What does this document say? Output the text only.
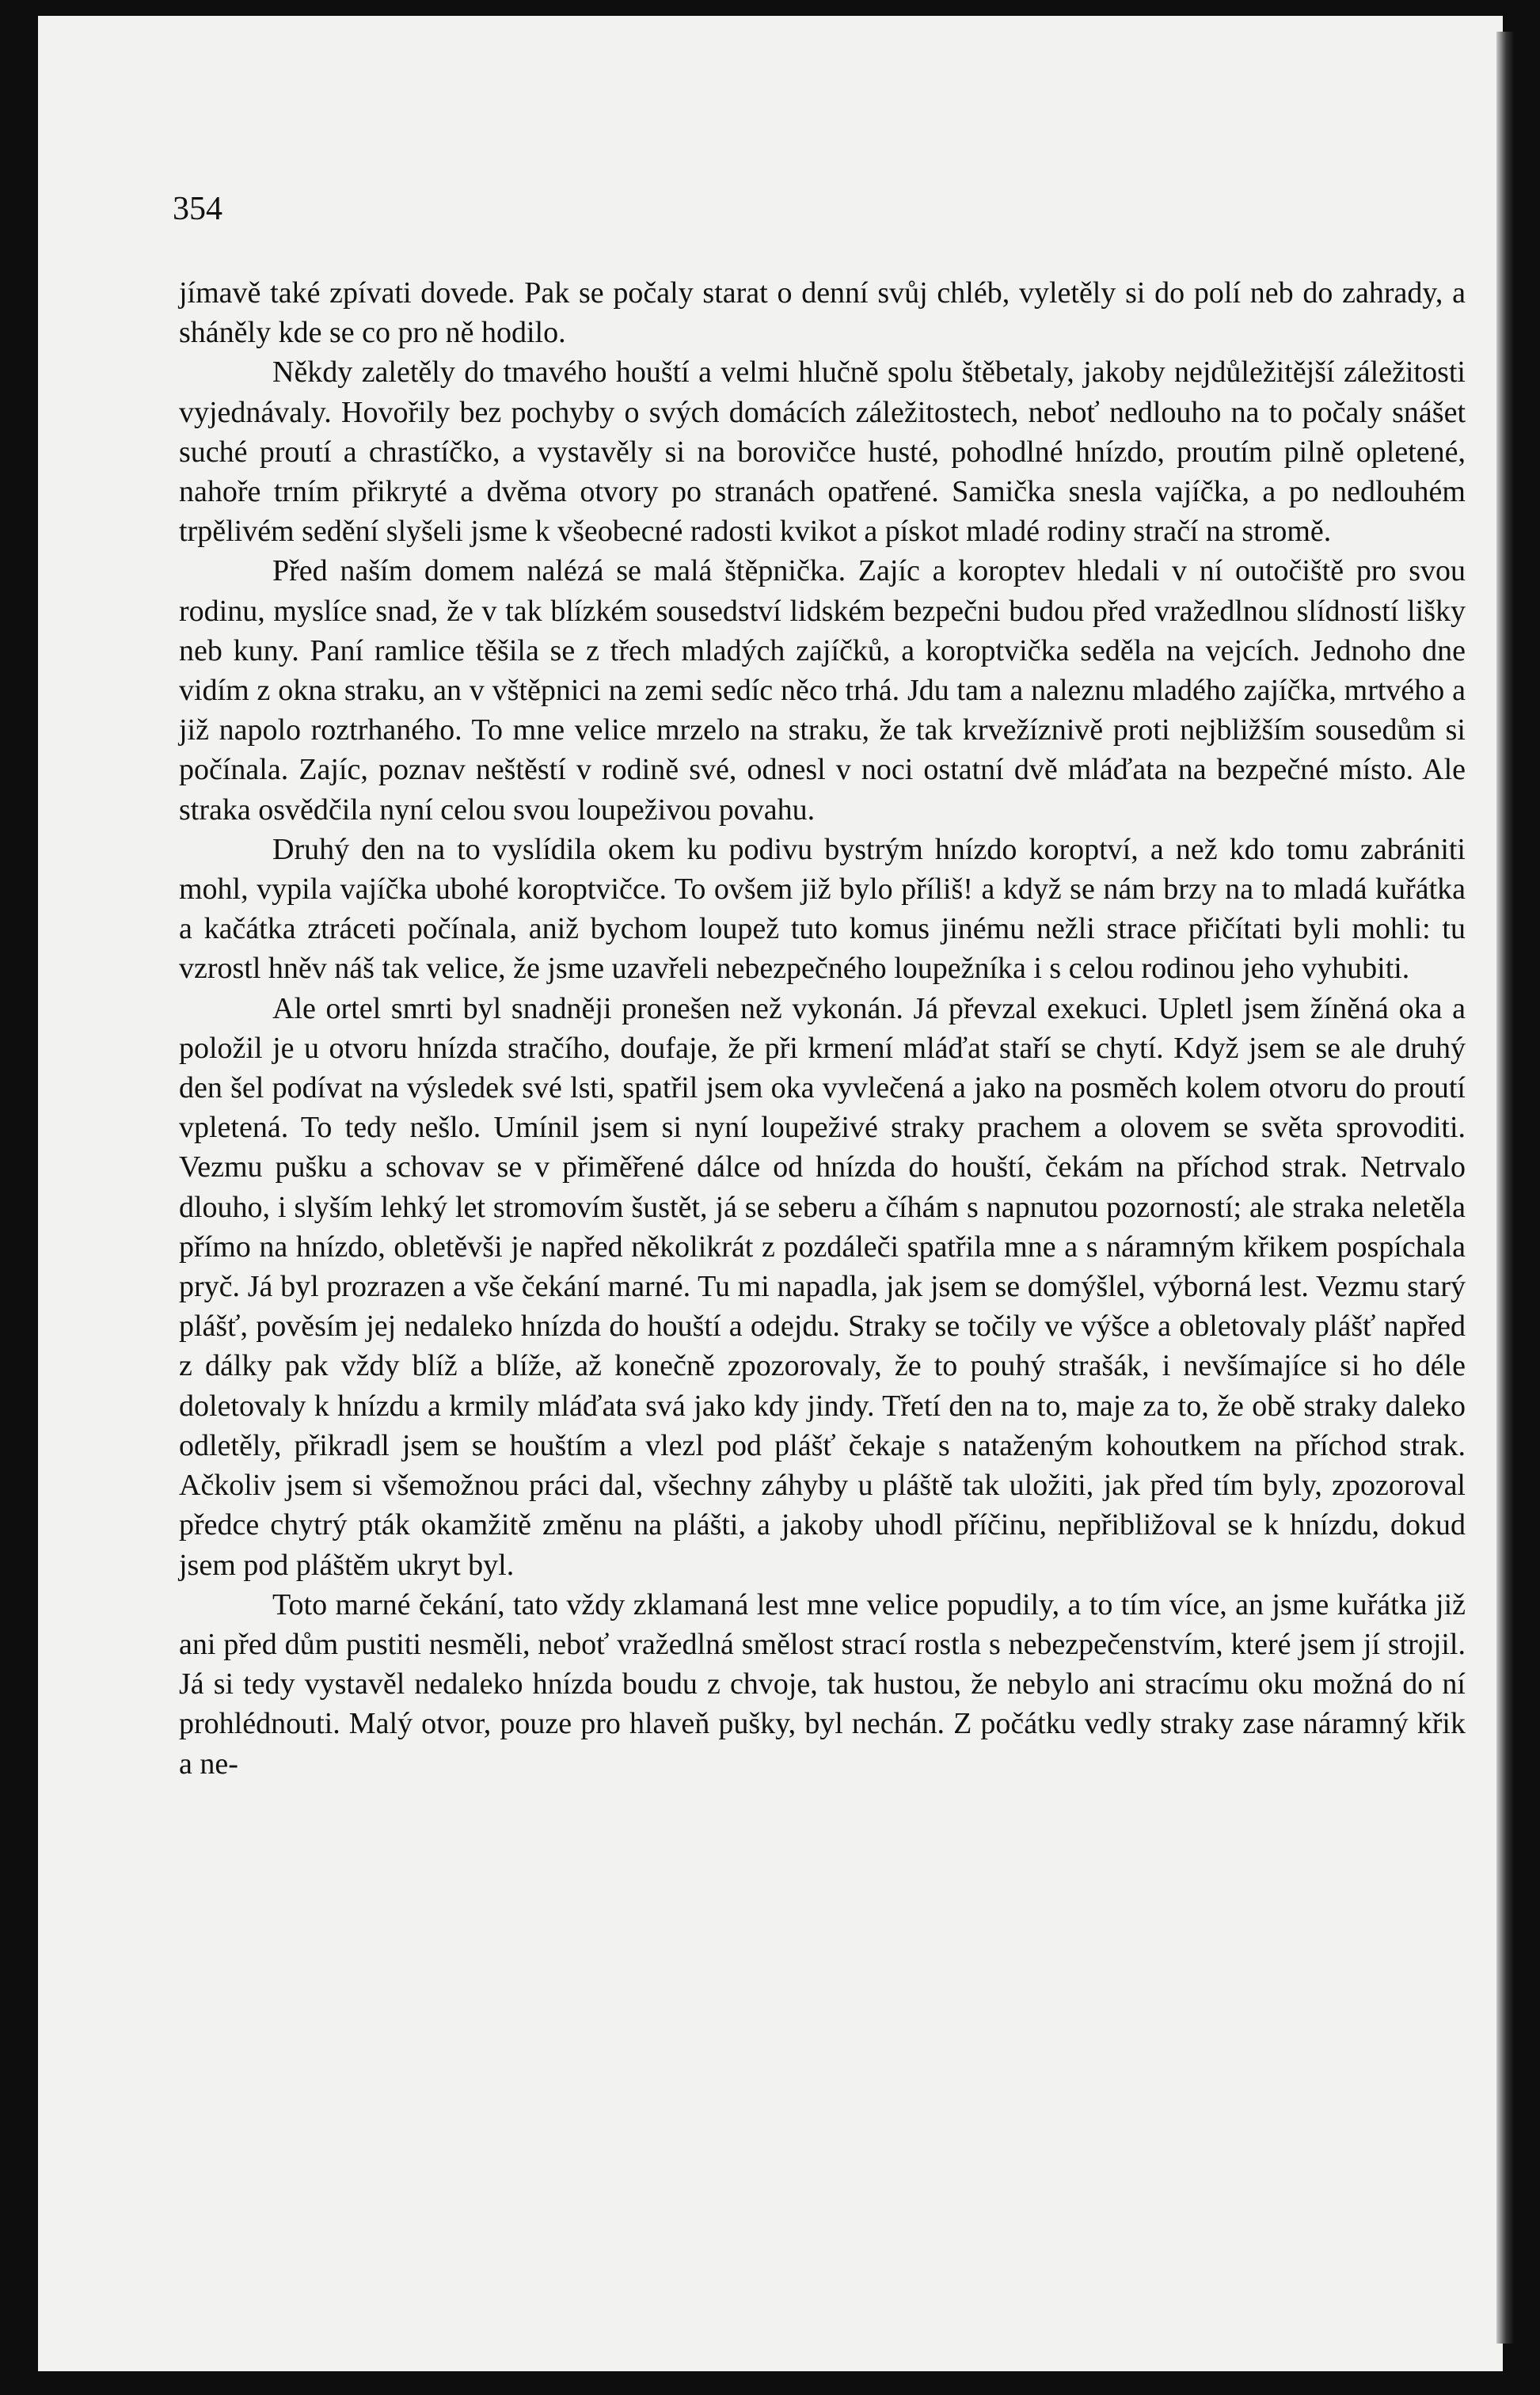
354

jímavě také zpívati dovede. Pak se počaly starat o denní svůj chléb, vyletěly si do polí neb do zahrady, a sháněly kde se co pro ně hodilo.

Někdy zaletěly do tmavého houští a velmi hlučně spolu štěbetaly, jakoby nejdůležitější záležitosti vyjednávaly. Hovořily bez pochyby o svých domácích záležitostech, neboť nedlouho na to počaly snášet suché proutí a chrastíčko, a vystavěly si na borovičce husté, pohodlné hnízdo, proutím pilně opletené, nahoře trním přikryté a dvěma otvory po stranách opatřené. Samička snesla vajíčka, a po nedlouhém trpělivém sedění slyšeli jsme k všeobecné radosti kvikot a pískot mladé rodiny stračí na stromě.

Před naším domem nalézá se malá štěpnička. Zajíc a koroptev hledali v ní outočiště pro svou rodinu, myslíce snad, že v tak blízkém sousedství lidském bezpečni budou před vražedlnou slídností lišky neb kuny. Paní ramlice těšila se z třech mladých zajíčků, a koroptvička seděla na vejcích. Jednoho dne vidím z okna straku, an v vštěpnici na zemi sedíc něco trhá. Jdu tam a naleznu mladého zajíčka, mrtvého a již napolo roztrhaného. To mne velice mrzelo na straku, že tak krvežíznivě proti nejbližším sousedům si počínala. Zajíc, poznav neštěstí v rodině své, odnesl v noci ostatní dvě mláďata na bezpečné místo. Ale straka osvědčila nyní celou svou loupeživou povahu.

Druhý den na to vyslídila okem ku podivu bystrým hnízdo koroptví, a než kdo tomu zabrániti mohl, vypila vajíčka ubohé koroptvičce. To ovšem již bylo příliš! a když se nám brzy na to mladá kuřátka a kačátka ztráceti počínala, aniž bychom loupež tuto komus jinému nežli strace přičítati byli mohli: tu vzrostl hněv náš tak velice, že jsme uzavřeli nebezpečného loupežníka i s celou rodinou jeho vyhubiti.

Ale ortel smrti byl snadněji pronešen než vykonán. Já převzal exekuci. Upletl jsem žíněná oka a položil je u otvoru hnízda stračího, doufaje, že při krmení mláďat staří se chytí. Když jsem se ale druhý den šel podívat na výsledek své lsti, spatřil jsem oka vyvlečená a jako na posměch kolem otvoru do proutí vpletená. To tedy nešlo. Umínil jsem si nyní loupeživé straky prachem a olovem se světa sprovoditi. Vezmu pušku a schovav se v přiměřené dálce od hnízda do houští, čekám na příchod strak. Netrvalo dlouho, i slyším lehký let stromovím šustět, já se seberu a číhám s napnutou pozorností; ale straka neletěla přímo na hnízdo, obletěvši je napřed několikrát z pozdáleči spatřila mne a s náramným křikem pospíchala pryč. Já byl prozrazen a vše čekání marné. Tu mi napadla, jak jsem se domýšlel, výborná lest. Vezmu starý plášť, pověsím jej nedaleko hnízda do houští a odejdu. Straky se točily ve výšce a obletovaly plášť napřed z dálky pak vždy blíž a blíže, až konečně zpozorovaly, že to pouhý strašák, i nevšímajíce si ho déle doletovaly k hnízdu a krmily mláďata svá jako kdy jindy. Třetí den na to, maje za to, že obě straky daleko odletěly, přikradl jsem se houštím a vlezl pod plášť čekaje s nataženým kohoutkem na příchod strak. Ačkoliv jsem si všemožnou práci dal, všechny záhyby u pláště tak uložiti, jak před tím byly, zpozoroval předce chytrý pták okamžitě změnu na plášti, a jakoby uhodl příčinu, nepřibližoval se k hnízdu, dokud jsem pod pláštěm ukryt byl.

Toto marné čekání, tato vždy zklamaná lest mne velice popudily, a to tím více, an jsme kuřátka již ani před dům pustiti nesměli, neboť vražedlná smělost strací rostla s nebezpečenstvím, které jsem jí strojil. Já si tedy vystavěl nedaleko hnízda boudu z chvoje, tak hustou, že nebylo ani stracímu oku možná do ní prohlédnouti. Malý otvor, pouze pro hlaveň pušky, byl nechán. Z počátku vedly straky zase náramný křik a ne-
